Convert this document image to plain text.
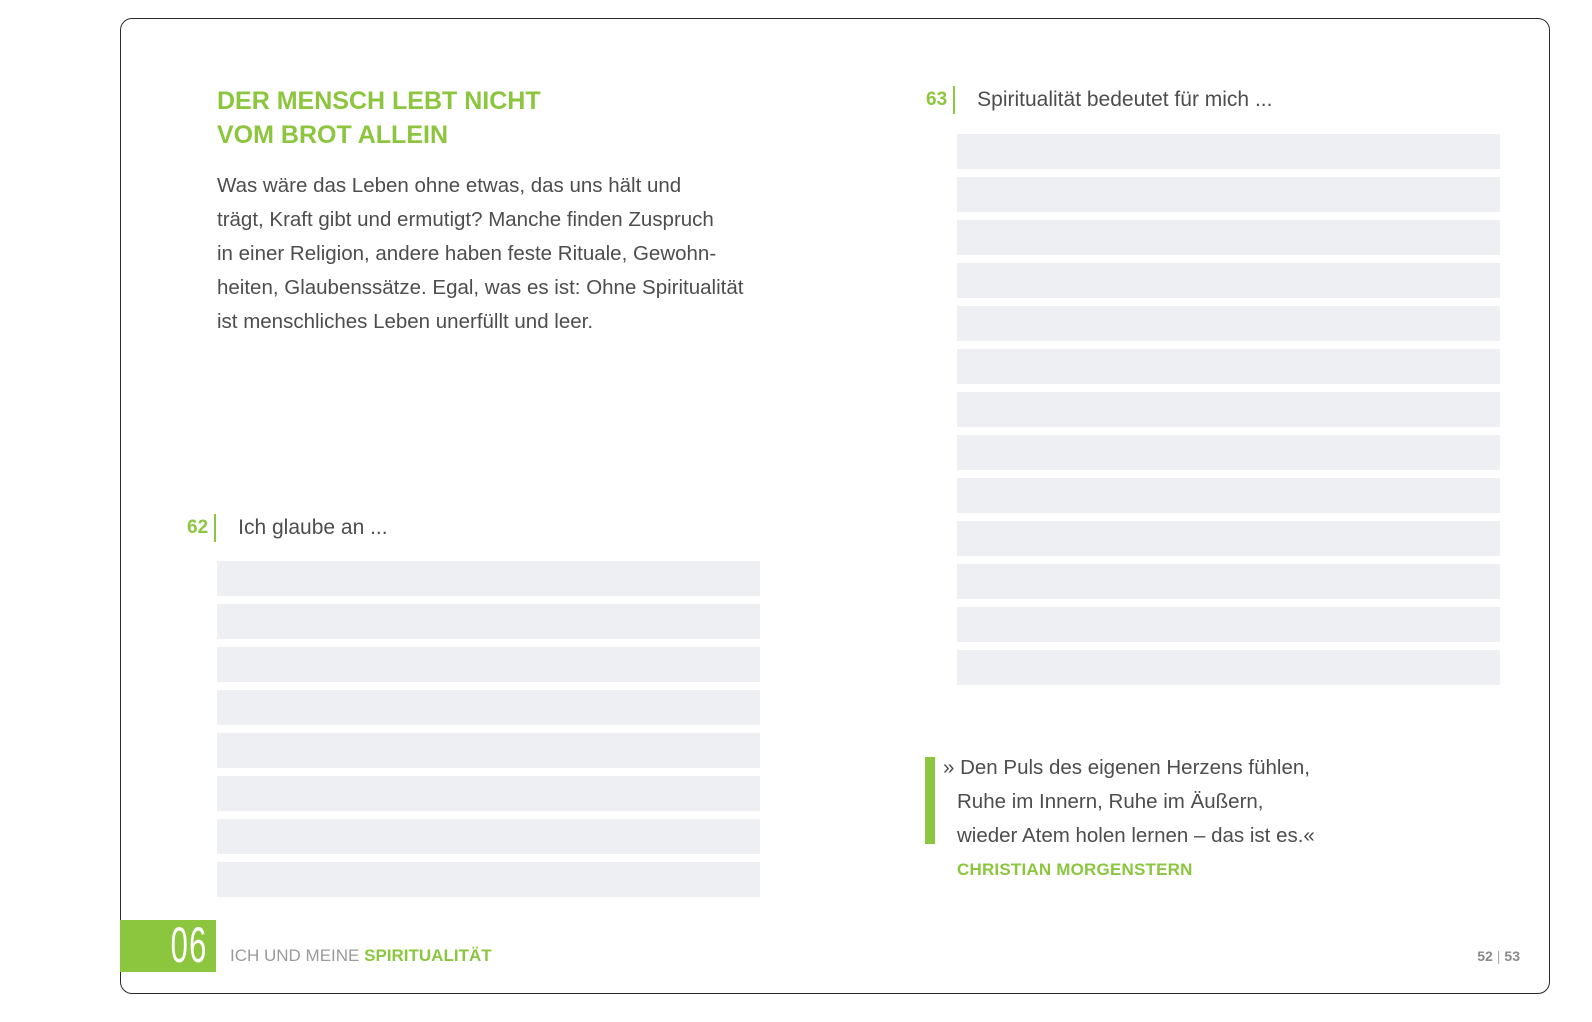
DER MENSCH LEBT NICHT
VOM BROT ALLEIN
Was wäre das Leben ohne etwas, das uns hält und
trägt, Kraft gibt und ermutigt? Manche finden Zuspruch
in einer Religion, andere haben feste Rituale, Gewohn-
heiten, Glaubenssätze. Egal, was es ist: Ohne Spiritualität
ist menschliches Leben unerfüllt und leer.
62 Ich glaube an ...
63 Spiritualität bedeutet für mich ...
» Den Puls des eigenen Herzens fühlen,
Ruhe im Innern, Ruhe im Äußern,
wieder Atem holen lernen – das ist es.«
CHRISTIAN MORGENSTERN
06 ICH UND MEINE SPIRITUALITÄT	52 | 53
